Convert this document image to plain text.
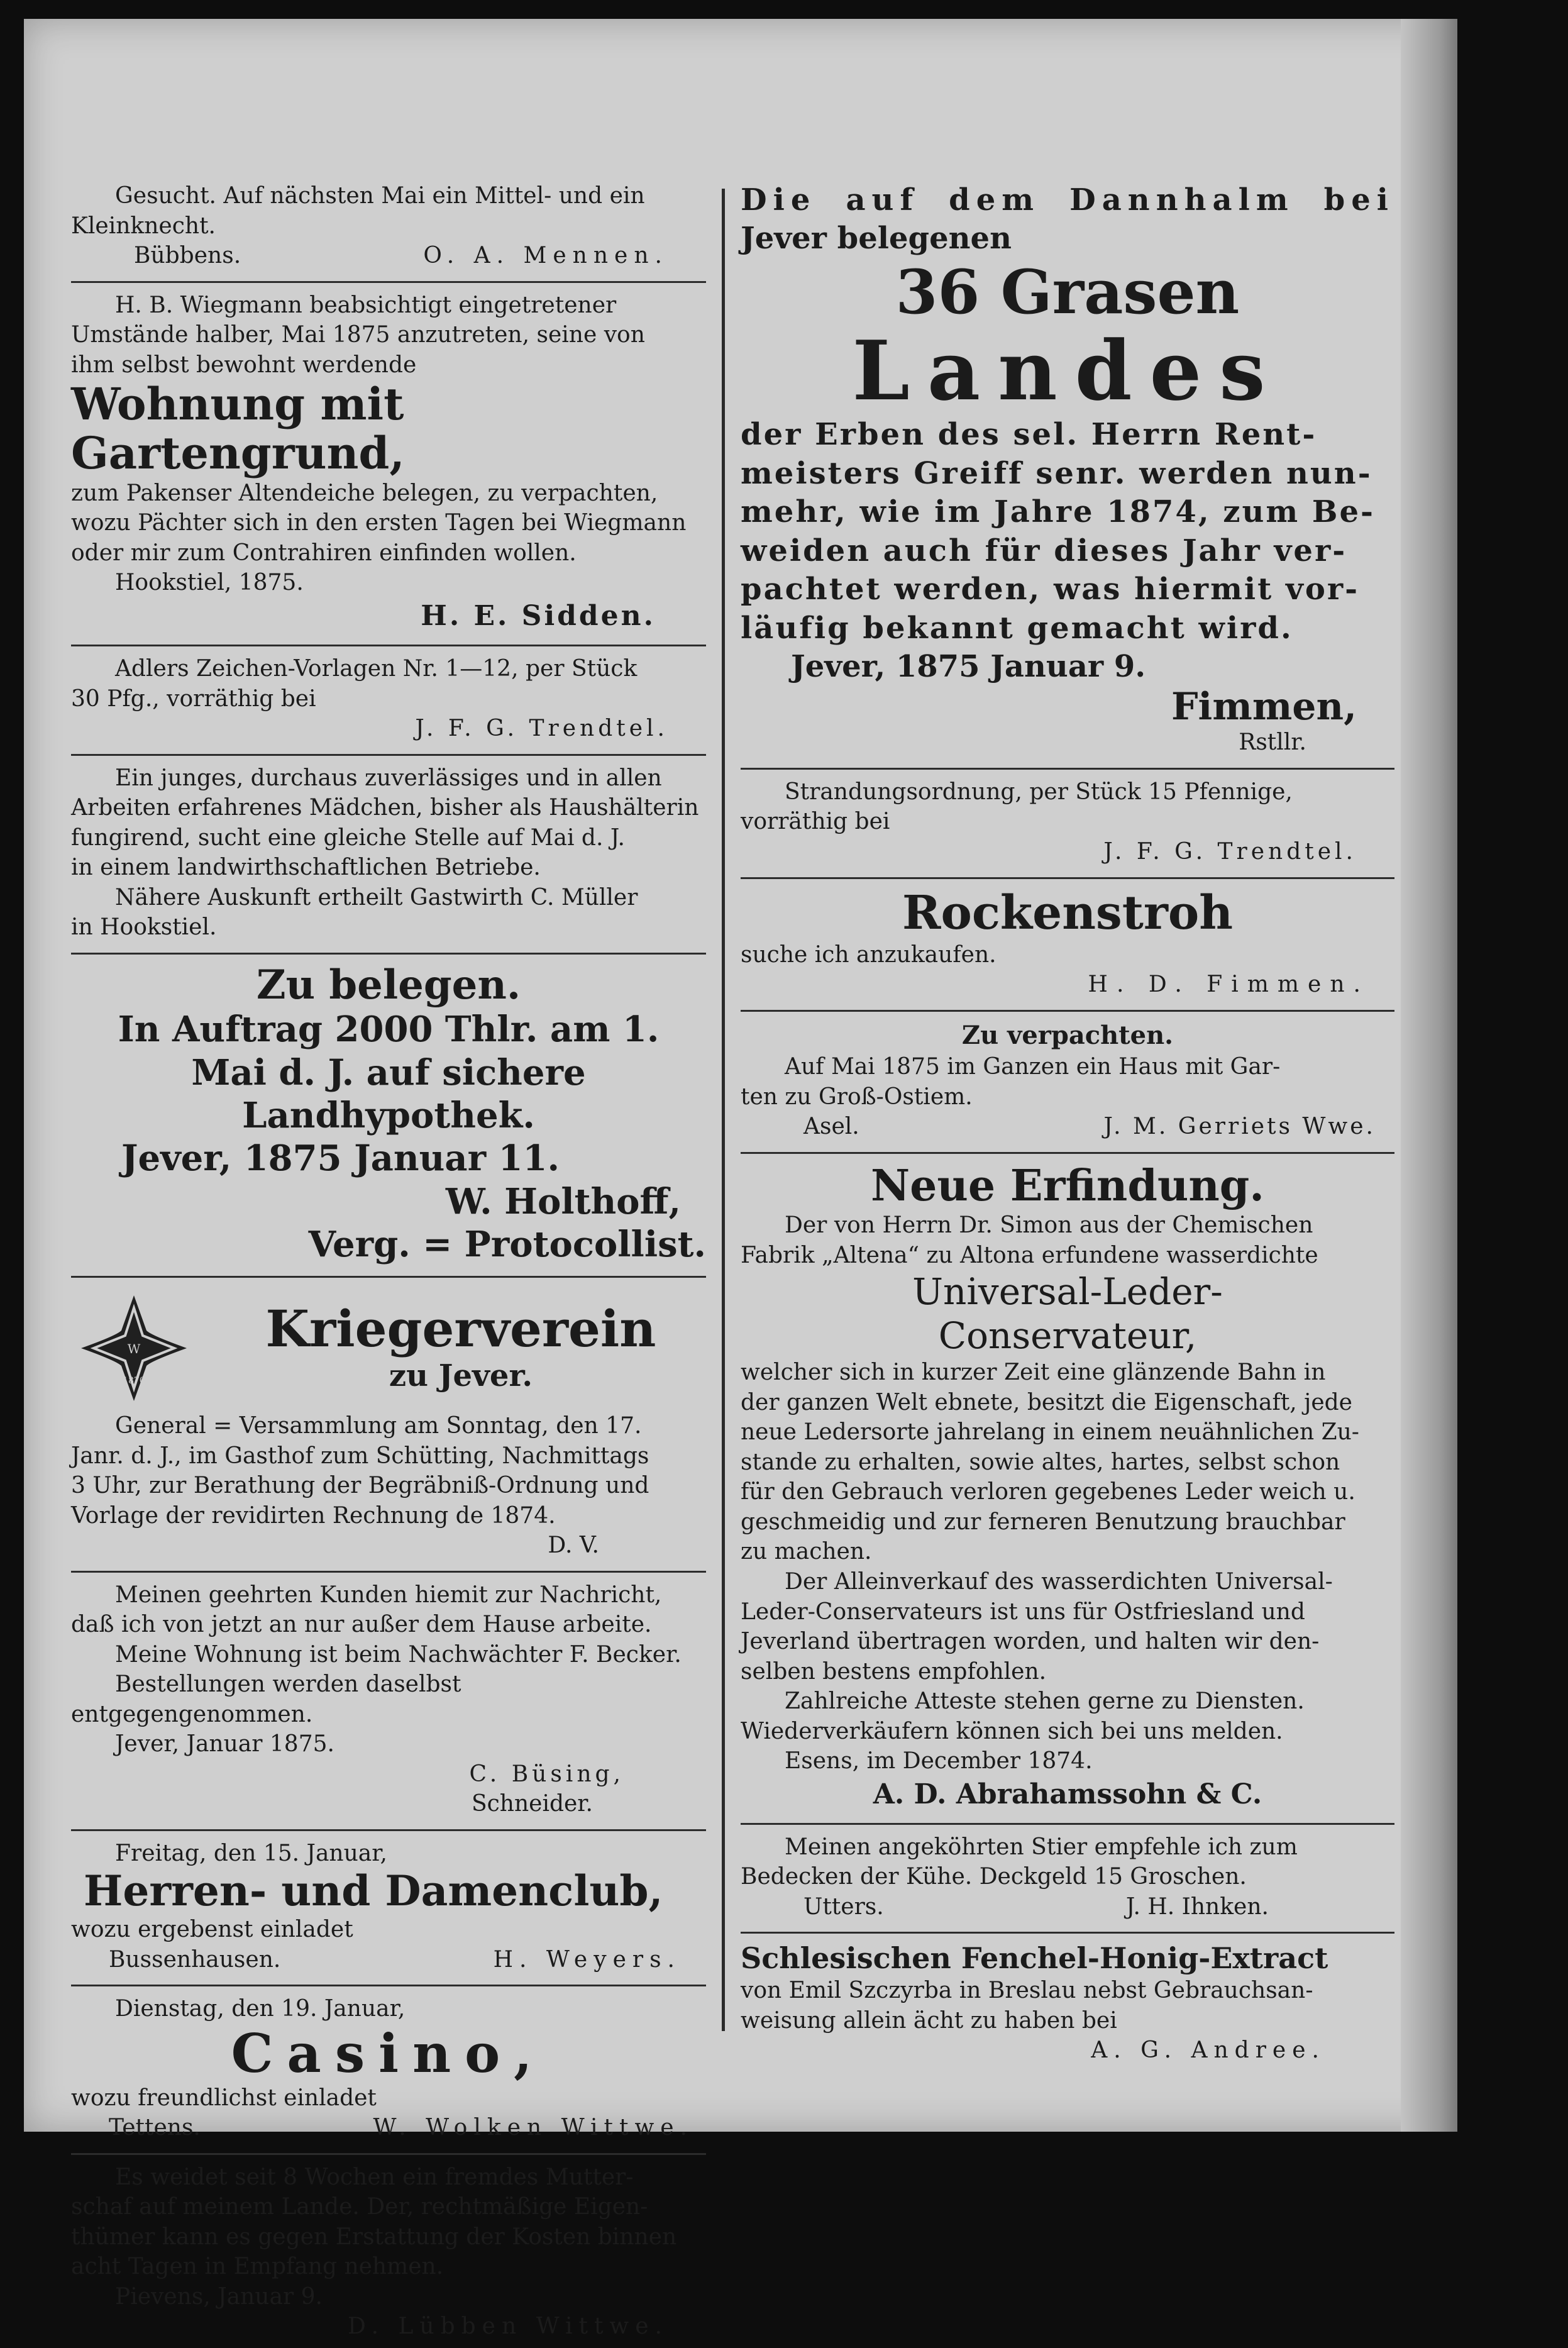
Gesucht. Auf nächsten Mai ein Mittel- und ein

Kleinknecht.

Bübbens.	O. A. Mennen.

H. B. Wiegmann beabsichtigt eingetretener

Umstände halber, Mai 1875 anzutreten, seine von

ihm selbst bewohnt werdende

Wohnung mit Gartengrund,

zum Pakenser Altendeiche belegen, zu verpachten,

wozu Pächter sich in den ersten Tagen bei Wiegmann

oder mir zum Contrahiren einfinden wollen.

Hookstiel, 1875.

H. E. Sidden.

Adlers Zeichen-Vorlagen Nr. 1—12, per Stück

30 Pfg., vorräthig bei

J. F. G. Trendtel.

Ein junges, durchaus zuverlässiges und in allen

Arbeiten erfahrenes Mädchen, bisher als Haushälterin

fungirend, sucht eine gleiche Stelle auf Mai d. J.

in einem landwirthschaftlichen Betriebe.

Nähere Auskunft ertheilt Gastwirth C. Müller

in Hookstiel.

Zu belegen.

In Auftrag 2000 Thlr. am 1.

Mai d. J. auf sichere Landhypothek.

Jever, 1875 Januar 11.

W. Holthoff,

Verg. = Protocollist.

W
1870

Kriegerverein

zu Jever.

General = Versammlung am Sonntag, den 17.

Janr. d. J., im Gasthof zum Schütting, Nachmittags

3 Uhr, zur Berathung der Begräbniß-Ordnung und

Vorlage der revidirten Rechnung de 1874.

D. V.

Meinen geehrten Kunden hiemit zur Nachricht,

daß ich von jetzt an nur außer dem Hause arbeite.

Meine Wohnung ist beim Nachwächter F. Becker.

Bestellungen werden daselbst entgegengenommen.

Jever, Januar 1875.

C. Büsing,

Schneider.

Freitag, den 15. Januar,

Herren- und Damenclub,

wozu ergebenst einladet

Bussenhausen.	H. Weyers.

Dienstag, den 19. Januar,

Casino,

wozu freundlichst einladet

Tettens.	W. Wolken Wittwe.

Es weidet seit 8 Wochen ein fremdes Mutter-

schaf auf meinem Lande. Der, rechtmäßige Eigen-

thümer kann es gegen Erstattung der Kosten binnen

acht Tagen in Empfang nehmen.

Pievens, Januar 9.

D. Lübben Wittwe.

Die auf dem Dannhalm bei

Jever belegenen

36 Grasen

Landes

der Erben des sel. Herrn Rent-

meisters Greiff senr. werden nun-

mehr, wie im Jahre 1874, zum Be-

weiden auch für dieses Jahr ver-

pachtet werden, was hiermit vor-

läufig bekannt gemacht wird.

Jever, 1875 Januar 9.

Fimmen,

Rstllr.

Strandungsordnung, per Stück 15 Pfennige,

vorräthig bei

J. F. G. Trendtel.

Rockenstroh

suche ich anzukaufen.

H. D. Fimmen.

Zu verpachten.

Auf Mai 1875 im Ganzen ein Haus mit Gar-

ten zu Groß-Ostiem.

Asel.	J. M. Gerriets Wwe.

Neue Erfindung.

Der von Herrn Dr. Simon aus der Chemischen

Fabrik „Altena“ zu Altona erfundene wasserdichte

Universal-Leder-

Conservateur,

welcher sich in kurzer Zeit eine glänzende Bahn in

der ganzen Welt ebnete, besitzt die Eigenschaft, jede

neue Ledersorte jahrelang in einem neuähnlichen Zu-

stande zu erhalten, sowie altes, hartes, selbst schon

für den Gebrauch verloren gegebenes Leder weich u.

geschmeidig und zur ferneren Benutzung brauchbar

zu machen.

Der Alleinverkauf des wasserdichten Universal-

Leder-Conservateurs ist uns für Ostfriesland und

Jeverland übertragen worden, und halten wir den-

selben bestens empfohlen.

Zahlreiche Atteste stehen gerne zu Diensten.

Wiederverkäufern können sich bei uns melden.

Esens, im December 1874.

A. D. Abrahamssohn & C.

Meinen angeköhrten Stier empfehle ich zum

Bedecken der Kühe. Deckgeld 15 Groschen.

Utters.	J. H. Ihnken.

Schlesischen Fenchel-Honig-Extract

von Emil Szczyrba in Breslau nebst Gebrauchsan-

weisung allein ächt zu haben bei

A. G. Andree.
